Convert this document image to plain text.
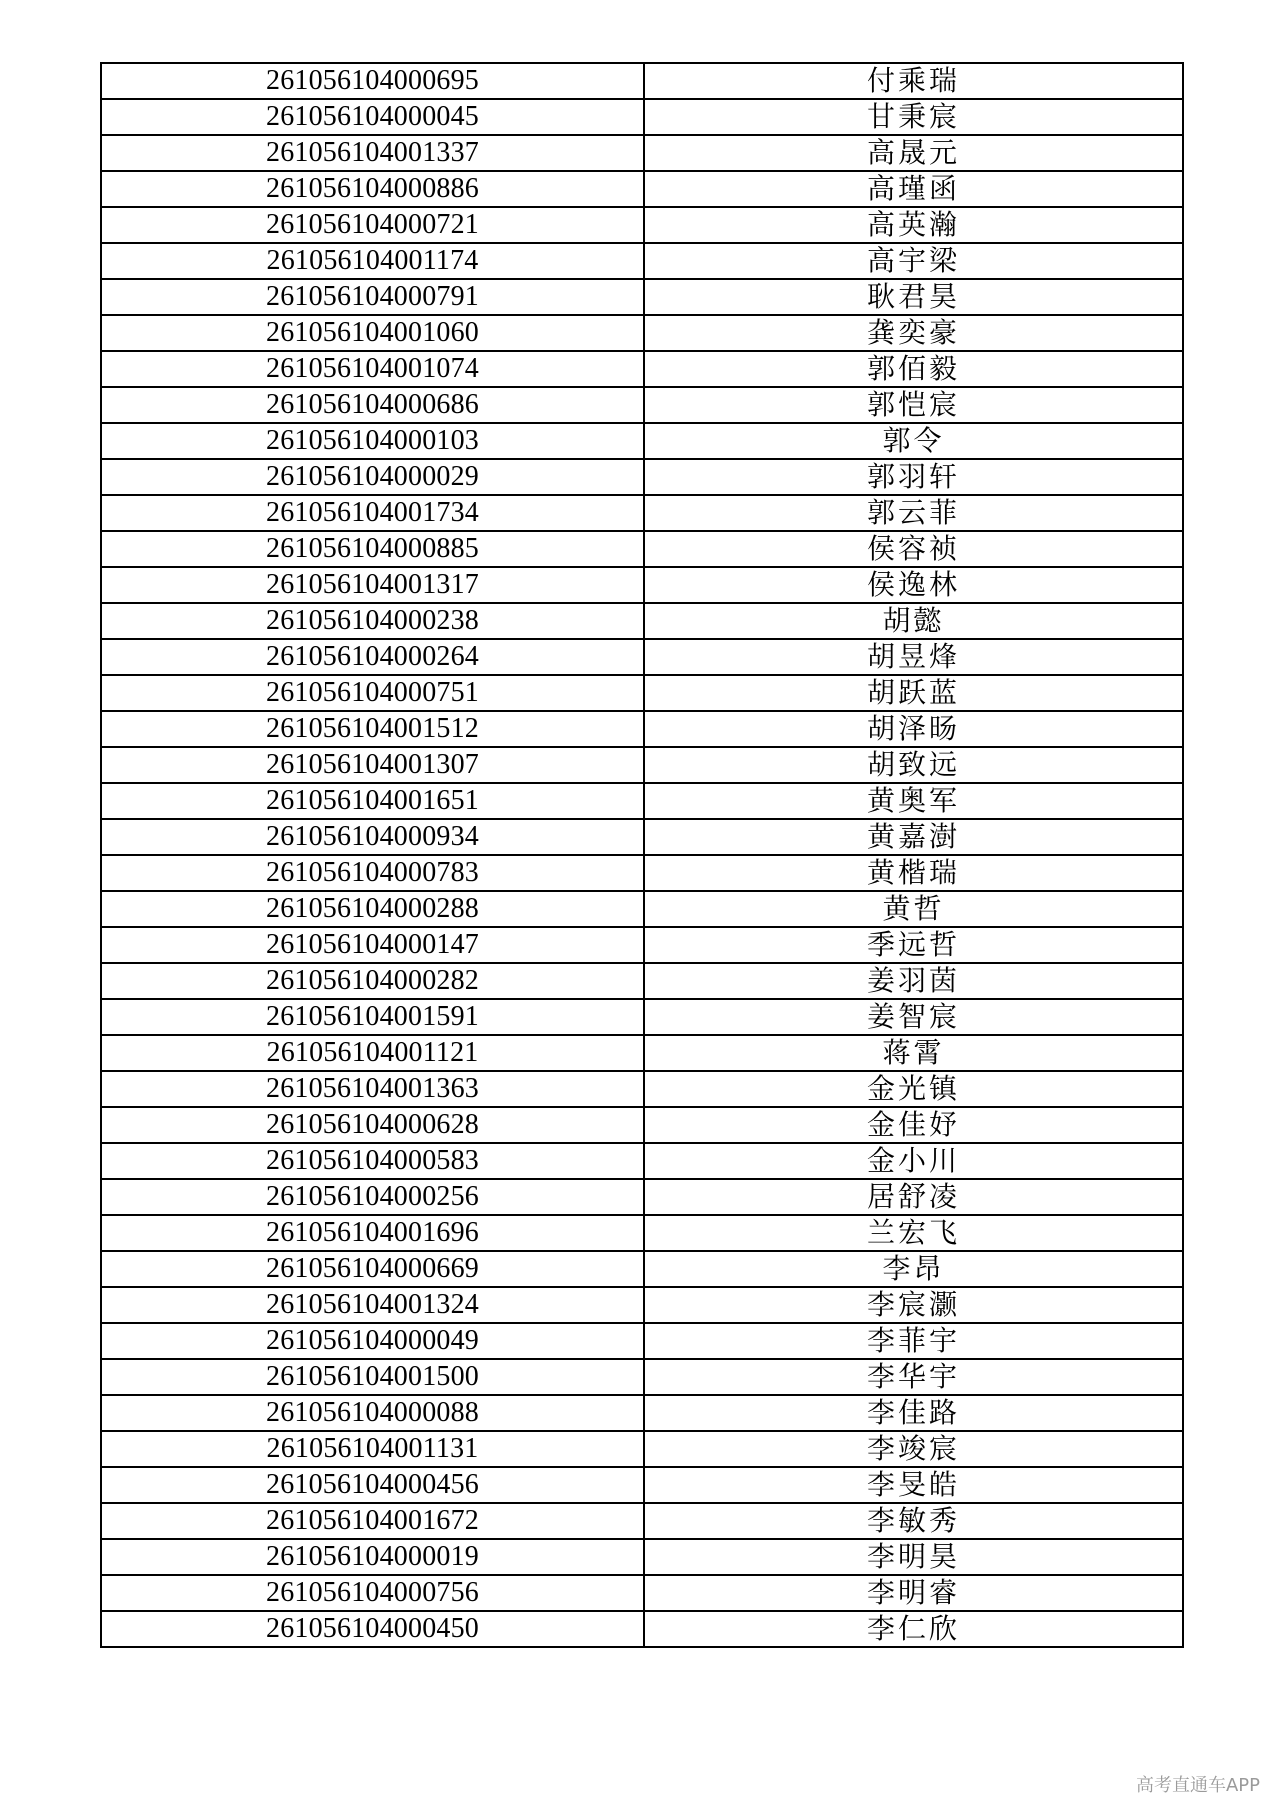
261056104000695	付乘瑞
261056104000045	甘秉宸
261056104001337	高晟元
261056104000886	高瑾函
261056104000721	高英瀚
261056104001174	高宇梁
261056104000791	耿君昊
261056104001060	龚奕豪
261056104001074	郭佰毅
261056104000686	郭恺宸
261056104000103	郭令
261056104000029	郭羽轩
261056104001734	郭云菲
261056104000885	侯容祯
261056104001317	侯逸林
261056104000238	胡懿
261056104000264	胡昱烽
261056104000751	胡跃蓝
261056104001512	胡泽旸
261056104001307	胡致远
261056104001651	黄奥军
261056104000934	黄嘉澍
261056104000783	黄楷瑞
261056104000288	黄哲
261056104000147	季远哲
261056104000282	姜羽茵
261056104001591	姜智宸
261056104001121	蒋霄
261056104001363	金光镇
261056104000628	金佳妤
261056104000583	金小川
261056104000256	居舒凌
261056104001696	兰宏飞
261056104000669	李昂
261056104001324	李宸灏
261056104000049	李菲宇
261056104001500	李华宇
261056104000088	李佳路
261056104001131	李竣宸
261056104000456	李旻皓
261056104001672	李敏秀
261056104000019	李明昊
261056104000756	李明睿
261056104000450	李仁欣
高考直通车APP
